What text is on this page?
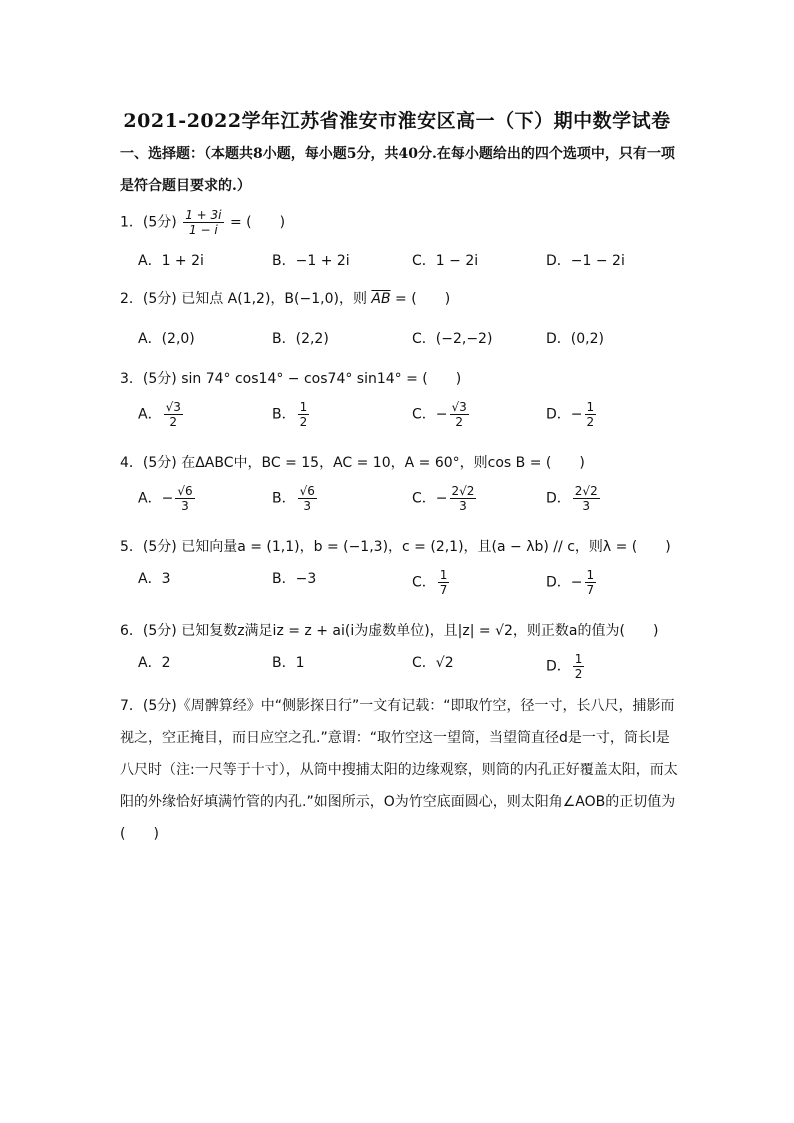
2021-2022学年江苏省淮安市淮安区高一（下）期中数学试卷
一、选择题：（本题共8小题，每小题5分，共40分.在每小题给出的四个选项中，只有一项是符合题目要求的.）
1．(5分) $\frac{1 + 3i}{1 - i}$ = (　　)
A．1 + 2i	B．−1 + 2i	C．1 − 2i	D．−1 − 2i
2．(5分) 已知点 A(1,2)，B(−1,0)，则 $\overline{AB}$ = (　　)
A．(2,0)	B．(2,2)	C．(−2,−2)	D．(0,2)
3．(5分) sin 74° cos14° − cos74° sin14° = (　　)
A． $\frac{√3}{2}$	B． $\frac{1}{2}$	C．− $\frac{√3}{2}$	D．− $\frac{1}{2}$
4．(5分) 在ΔABC中，BC = 15，AC = 10，A = 60°，则cos B = (　　)
A．− $\frac{√6}{3}$	B． $\frac{√6}{3}$	C．− $\frac{2√2}{3}$	D． $\frac{2√2}{3}$
5．(5分) 已知向量a = (1,1)，b = (−1,3)，c = (2,1)，且(a − λb) // c，则λ = (　　)
A．3	B．−3	C． $\frac{1}{7}$	D．− $\frac{1}{7}$
6．(5分) 已知复数z满足iz = z + ai(i为虚数单位)，且|z| = √2，则正数a的值为(　　)
A．2	B．1	C．√2	D． $\frac{1}{2}$
7．(5分)《周髀算经》中“侧影探日行”一文有记载：“即取竹空，径一寸，长八尺，捕影而视之，空正掩目，而日应空之孔.”意谓：“取竹空这一望筒，当望筒直径d是一寸，筒长l是八尺时（注:一尺等于十寸），从筒中搜捕太阳的边缘观察，则筒的内孔正好覆盖太阳，而太阳的外缘恰好填满竹管的内孔.”如图所示，O为竹空底面圆心，则太阳角∠AOB的正切值为(　　)
